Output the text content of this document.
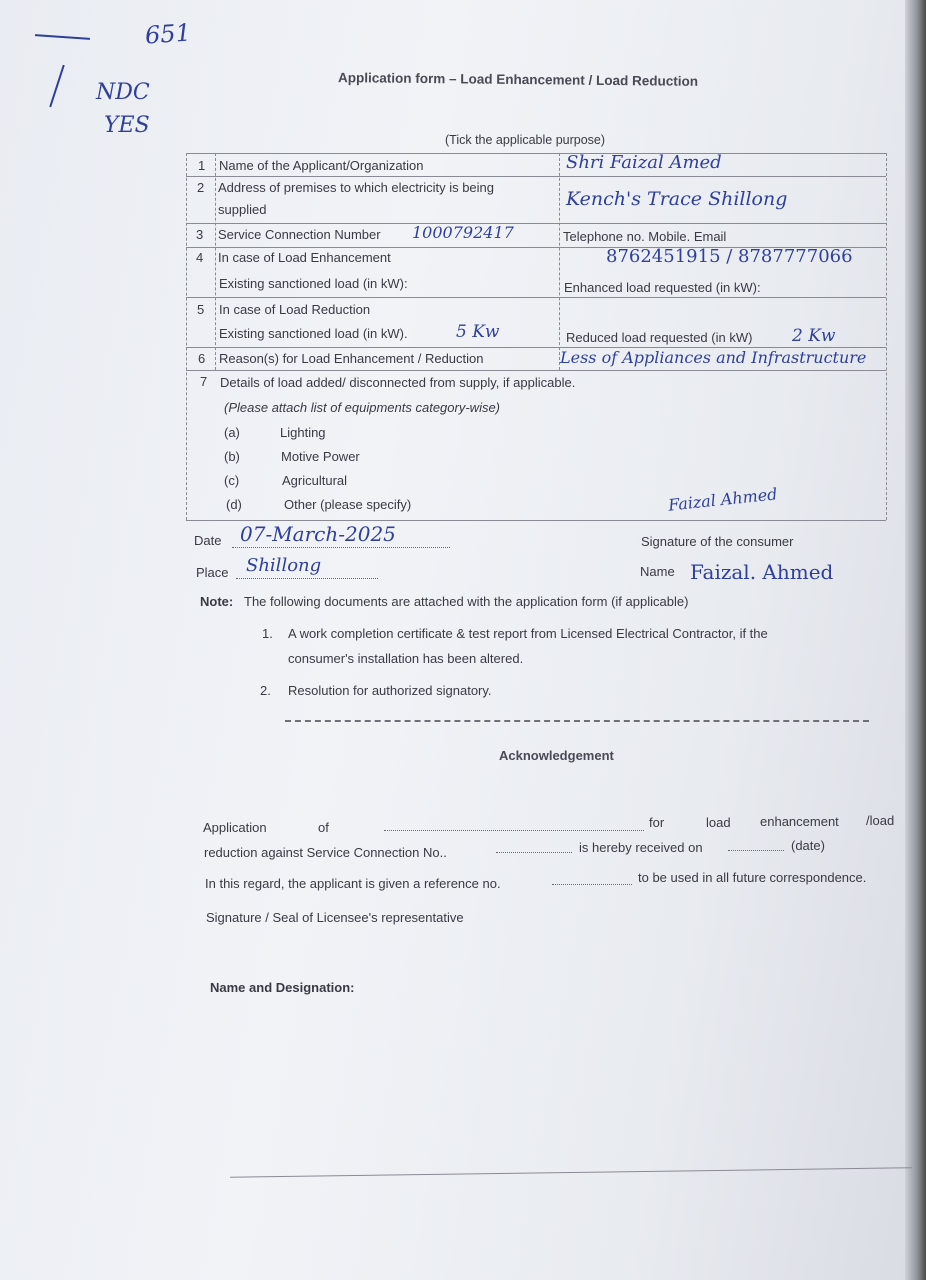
651
NDC
YES
Application form – Load Enhancement / Load Reduction
(Tick the applicable purpose)
1 Name of the Applicant/Organization	Shri Faizal Amed
2 Address of premises to which electricity is being
supplied	Kench's Trace Shillong
3 Service Connection Number 1000792417	Telephone no. Mobile. Email
4 In case of Load Enhancement	8762451915 / 8787777066
Existing sanctioned load (in kW):	Enhanced load requested (in kW):
5 In case of Load Reduction
Existing sanctioned load (in kW).	5 Kw	Reduced load requested (in kW) 2 Kw
6 Reason(s) for Load Enhancement / Reduction	Less of Appliances and Infrastructure
7 Details of load added/ disconnected from supply, if applicable.
(Please attach list of equipments category-wise)
(a)	Lighting
(b)	Motive Power
(c)	Agricultural
(d)	Other (please specify)	Faizal Ahmed
Date 07-March-2025	Signature of the consumer
Place Shillong	Name Faizal. Ahmed
Note: The following documents are attached with the application form (if applicable)
1. A work completion certificate & test report from Licensed Electrical Contractor, if the
consumer's installation has been altered.
2. Resolution for authorized signatory.
Acknowledgement
Application	of	for	load enhancement /load
reduction against Service Connection No..	is hereby received on	(date)
In this regard, the applicant is given a reference no.	to be used in all future correspondence.
Signature / Seal of Licensee's representative
Name and Designation:
